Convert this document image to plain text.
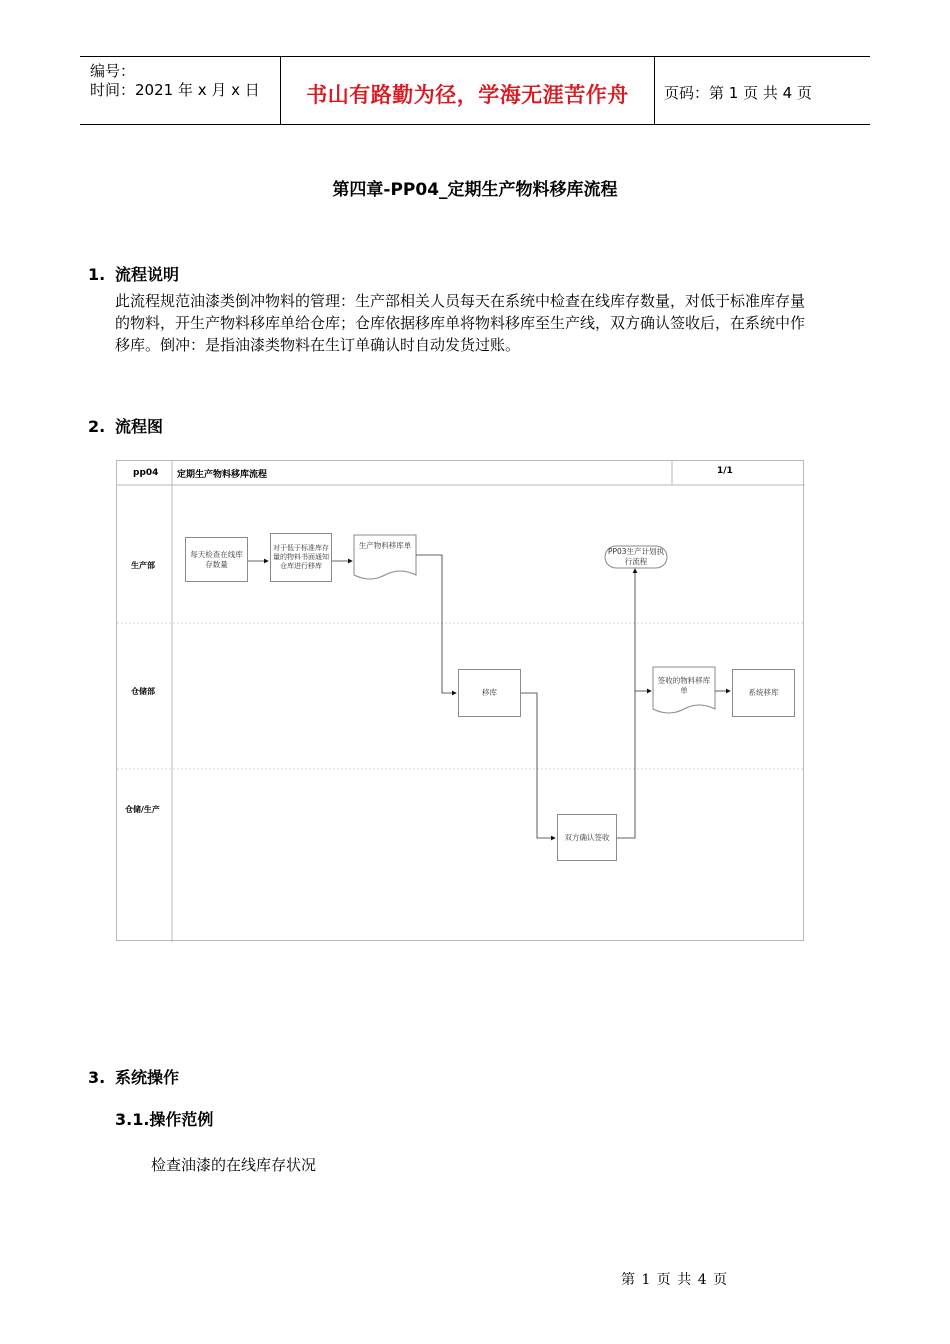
编号：
时间：2021 年 x 月 x 日	书山有路勤为径，学海无涯苦作舟	页码：第 1 页 共 4 页
第四章-PP04_定期生产物料移库流程
1. 流程说明
此流程规范油漆类倒冲物料的管理：生产部相关人员每天在系统中检查在线库存数量，对低于标准库存量
的物料，开生产物料移库单给仓库；仓库依据移库单将物料移库至生产线，双方确认签收后，在系统中作
移库。倒冲：是指油漆类物料在生订单确认时自动发货过账。
2. 流程图
pp04 定期生产物料移库流程	1/1
生产部
仓储部
仓储/生产
每天检查在线库存数量
对于低于标准库存量的物料书面通知仓库进行移库
生产物料移库单
PP03生产计划执行流程
移库
签收的物料移库单	系统移库
双方确认签收
3. 系统操作
3.1.操作范例
检查油漆的在线库存状况
第 1 页 共 4 页
